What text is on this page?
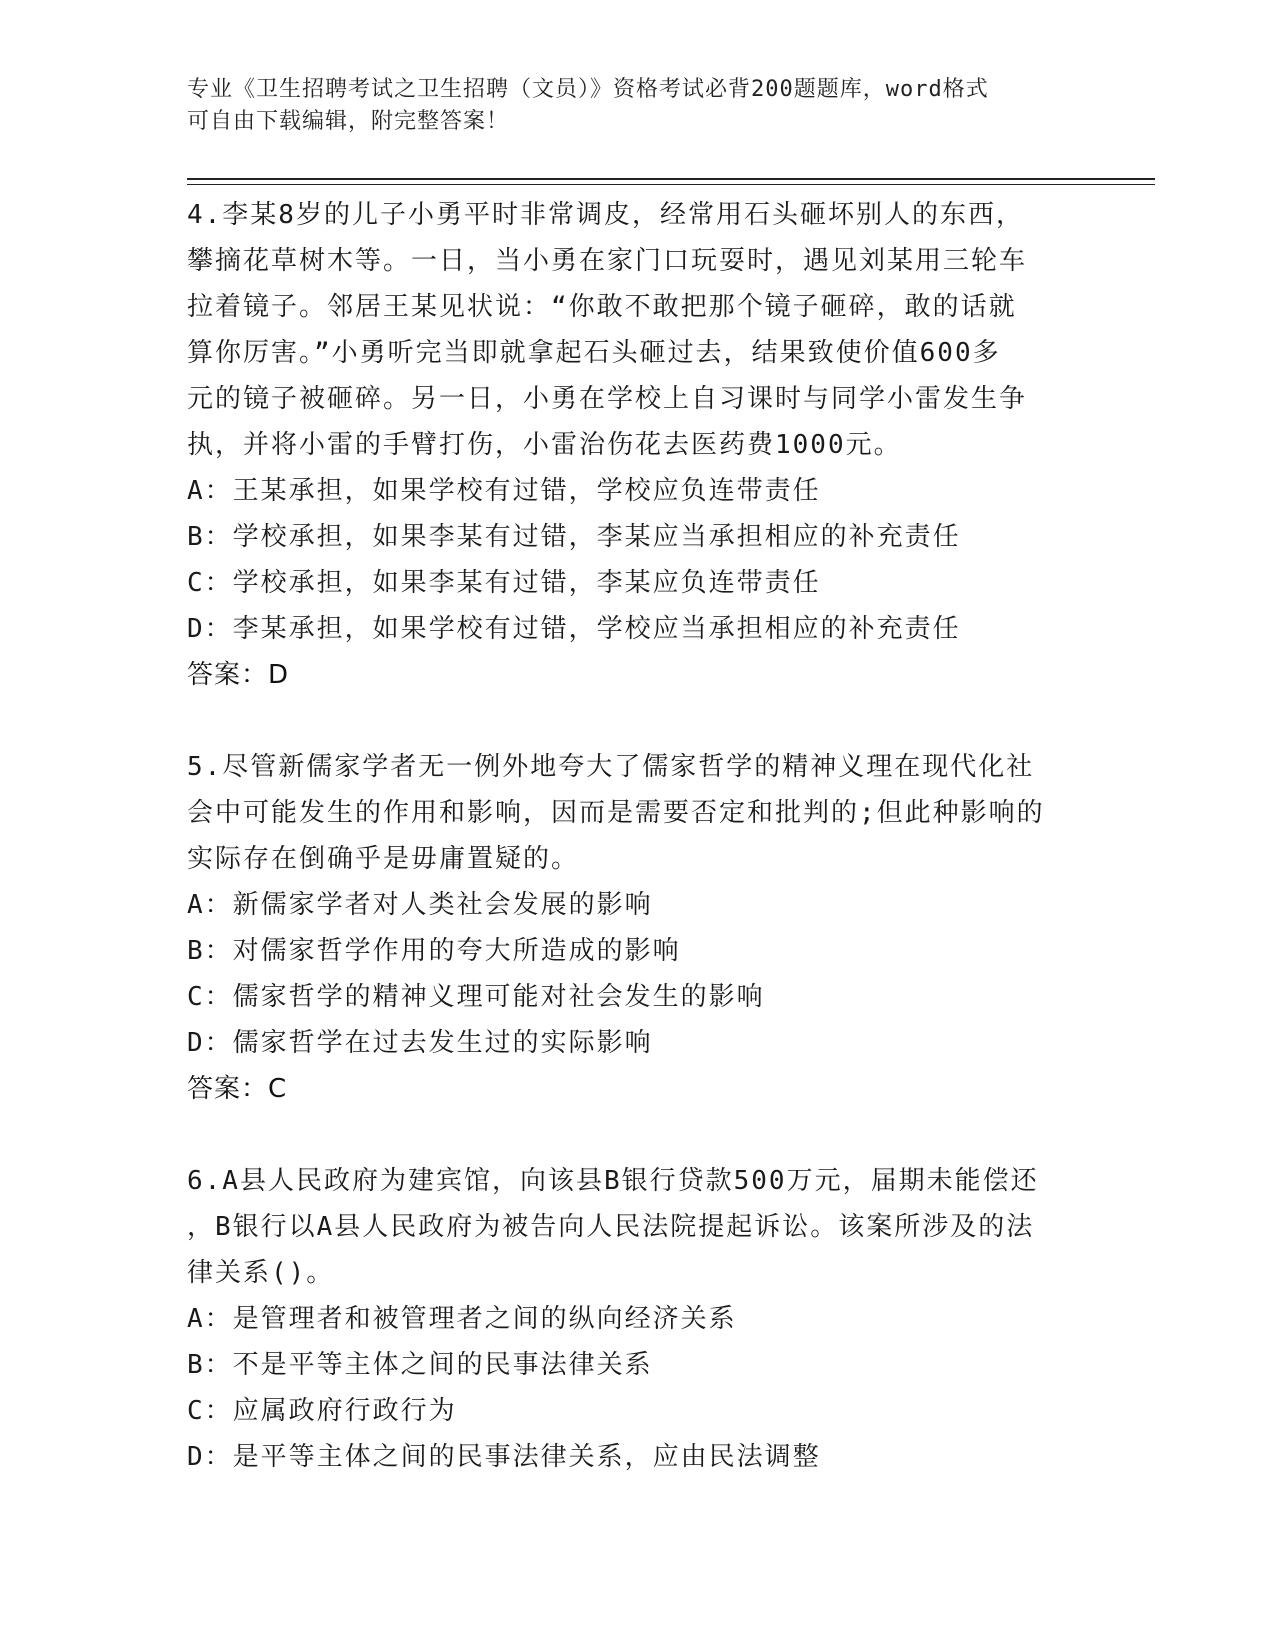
专业《卫生招聘考试之卫生招聘（文员）》资格考试必背200题题库，word格式
可自由下载编辑，附完整答案！

4.李某8岁的儿子小勇平时非常调皮，经常用石头砸坏别人的东西，

攀摘花草树木等。一日，当小勇在家门口玩耍时，遇见刘某用三轮车

拉着镜子。邻居王某见状说：“你敢不敢把那个镜子砸碎，敢的话就

算你厉害。”小勇听完当即就拿起石头砸过去，结果致使价值600多

元的镜子被砸碎。另一日，小勇在学校上自习课时与同学小雷发生争

执，并将小雷的手臂打伤，小雷治伤花去医药费1000元。

A：王某承担，如果学校有过错，学校应负连带责任

B：学校承担，如果李某有过错，李某应当承担相应的补充责任

C：学校承担，如果李某有过错，李某应负连带责任

D：李某承担，如果学校有过错，学校应当承担相应的补充责任

答案：D

5.尽管新儒家学者无一例外地夸大了儒家哲学的精神义理在现代化社

会中可能发生的作用和影响，因而是需要否定和批判的;但此种影响的

实际存在倒确乎是毋庸置疑的。

A：新儒家学者对人类社会发展的影响

B：对儒家哲学作用的夸大所造成的影响

C：儒家哲学的精神义理可能对社会发生的影响

D：儒家哲学在过去发生过的实际影响

答案：C

6.A县人民政府为建宾馆，向该县B银行贷款500万元，届期未能偿还

，B银行以A县人民政府为被告向人民法院提起诉讼。该案所涉及的法

律关系()。

A：是管理者和被管理者之间的纵向经济关系

B：不是平等主体之间的民事法律关系

C：应属政府行政行为

D：是平等主体之间的民事法律关系，应由民法调整
